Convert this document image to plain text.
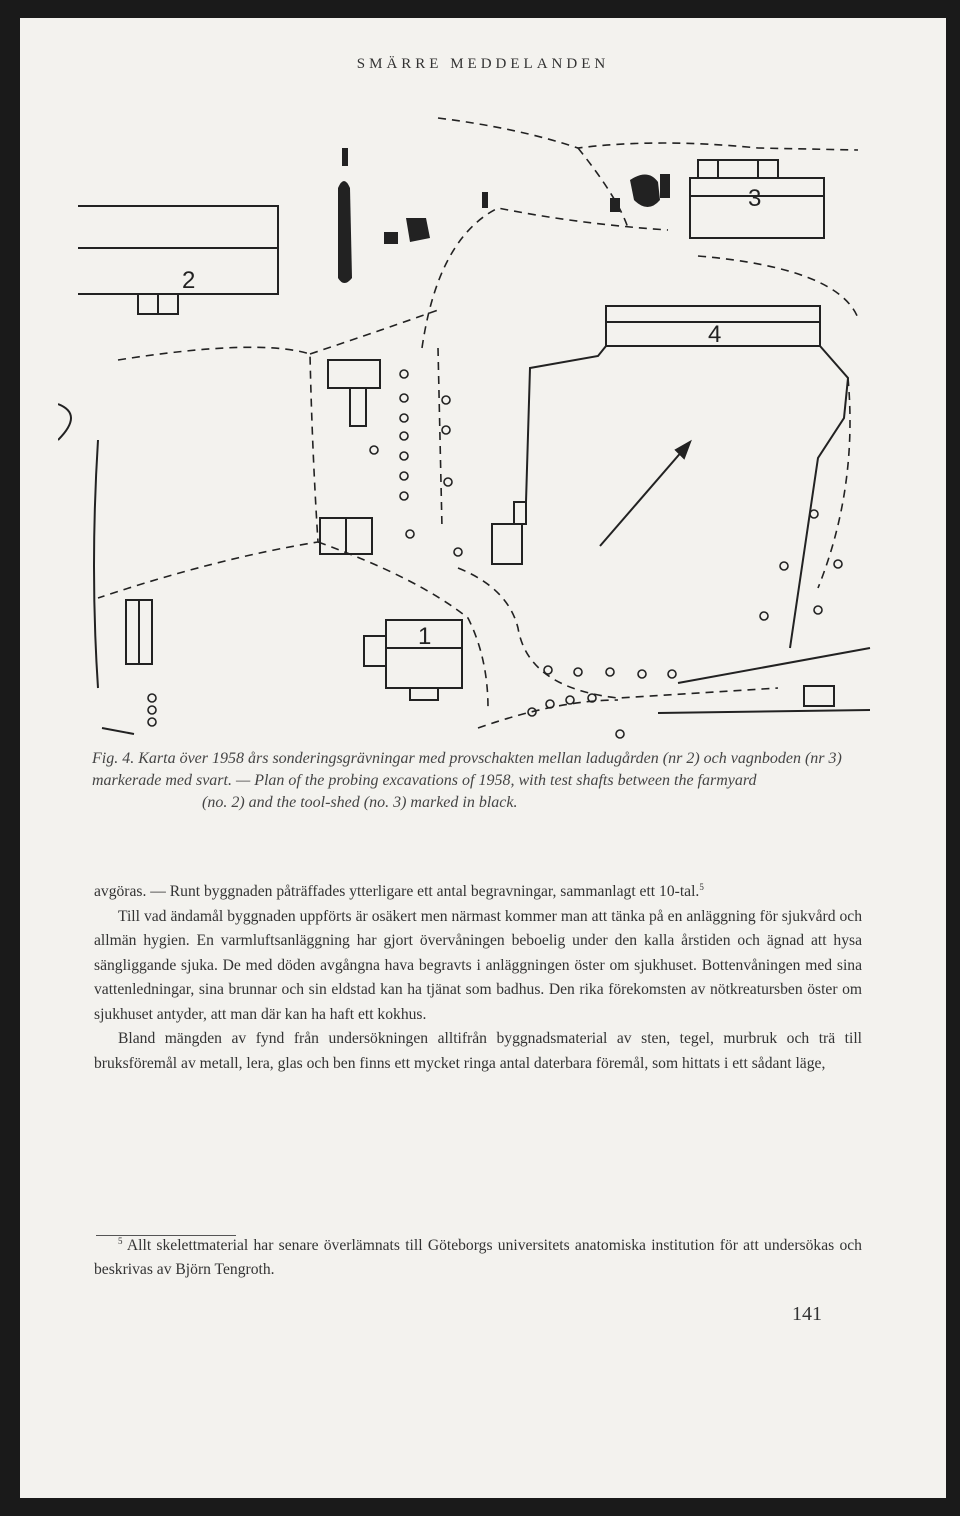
SMÄRRE MEDDELANDEN
2
3
4
1
Fig. 4. Karta över 1958 års sonderingsgrävningar med provschakten mellan ladugården (nr 2) och vagnboden (nr 3) markerade med svart. — Plan of the probing excavations of 1958, with test shafts between the farmyard
(no. 2) and the tool-shed (no. 3) marked in black.

avgöras. — Runt byggnaden påträffades ytterligare ett antal begravningar, sammanlagt ett 10-tal.$^5$

Till vad ändamål byggnaden uppförts är osäkert men närmast kommer man att tänka på en anläggning för sjukvård och allmän hygien. En varmluftsanläggning har gjort övervåningen beboelig under den kalla årstiden och ägnad att hysa sängliggande sjuka. De med döden avgångna hava begravts i anläggningen öster om sjukhuset. Bottenvåningen med sina vattenledningar, sina brunnar och sin eldstad kan ha tjänat som badhus. Den rika förekomsten av nötkreatursben öster om sjukhuset antyder, att man där kan ha haft ett kokhus.

Bland mängden av fynd från undersökningen alltifrån byggnadsmaterial av sten, tegel, murbruk och trä till bruksföremål av metall, lera, glas och ben finns ett mycket ringa antal daterbara föremål, som hittats i ett sådant läge,

$^5$ Allt skelettmaterial har senare överlämnats till Göteborgs universitets anatomiska institution för att undersökas och beskrivas av Björn Tengroth.
141
